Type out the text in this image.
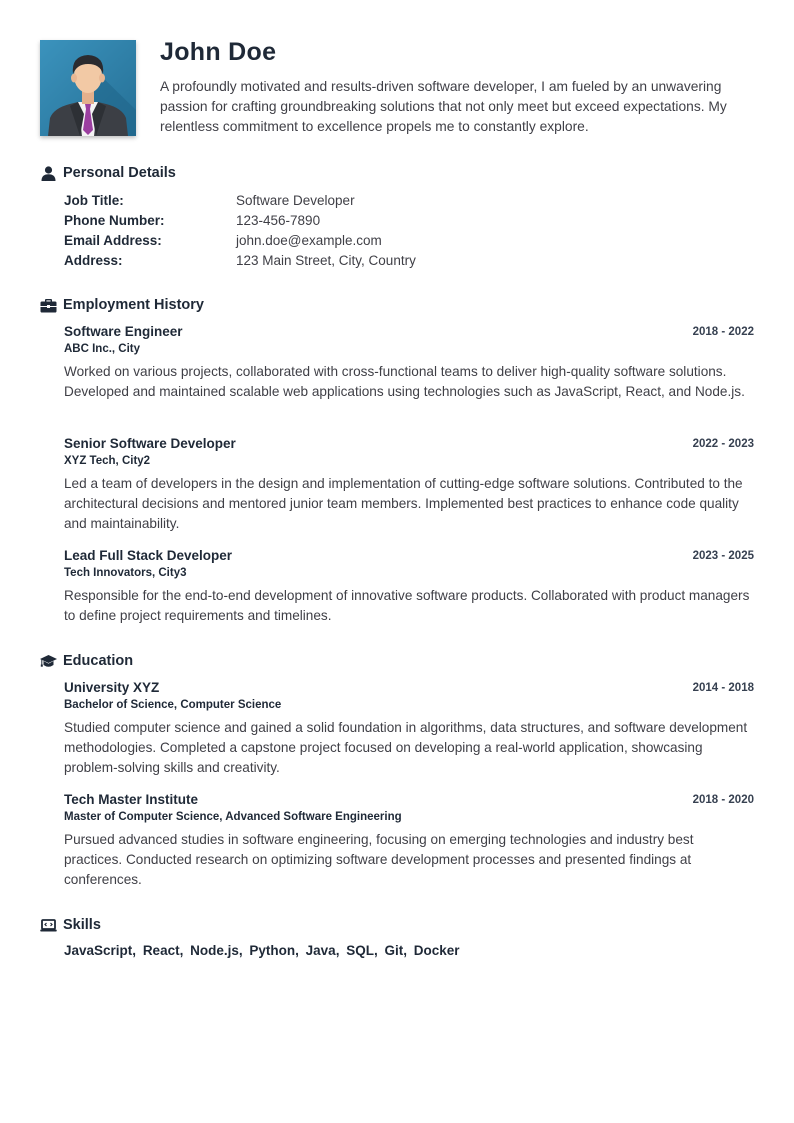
John Doe

A profoundly motivated and results-driven software developer, I am fueled by an unwavering passion for crafting groundbreaking solutions that not only meet but exceed expectations. My relentless commitment to excellence propels me to constantly explore.

Personal Details
Job Title:	Software Developer
Phone Number:	123-456-7890
Email Address:	john.doe@example.com
Address:	123 Main Street, City, Country
Employment History
Software Engineer	2018 - 2022
ABC Inc., City

Worked on various projects, collaborated with cross-functional teams to deliver high-quality software solutions. Developed and maintained scalable web applications using technologies such as JavaScript, React, and Node.js.

Senior Software Developer	2022 - 2023
XYZ Tech, City2

Led a team of developers in the design and implementation of cutting-edge software solutions. Contributed to the architectural decisions and mentored junior team members. Implemented best practices to enhance code quality and maintainability.

Lead Full Stack Developer	2023 - 2025
Tech Innovators, City3

Responsible for the end-to-end development of innovative software products. Collaborated with product managers to define project requirements and timelines.

Education
University XYZ	2014 - 2018
Bachelor of Science, Computer Science

Studied computer science and gained a solid foundation in algorithms, data structures, and software development methodologies. Completed a capstone project focused on developing a real-world application, showcasing problem-solving skills and creativity.

Tech Master Institute	2018 - 2020
Master of Computer Science, Advanced Software Engineering

Pursued advanced studies in software engineering, focusing on emerging technologies and industry best practices. Conducted research on optimizing software development processes and presented findings at conferences.

Skills
JavaScript, React, Node.js, Python, Java, SQL, Git, Docker
